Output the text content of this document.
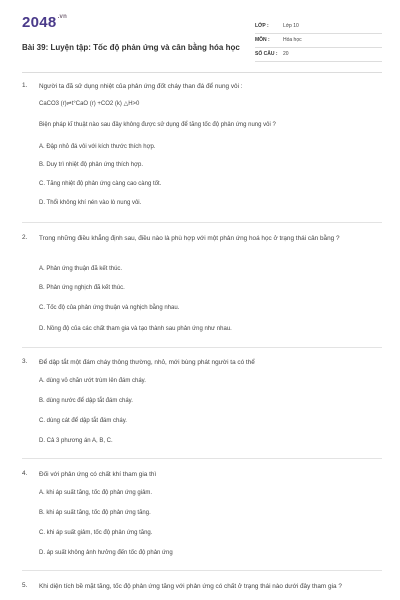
$2048^{.vn}$
Bài 39: Luyện tập: Tốc độ phản ứng và cân bằng hóa học
LỚP :	Lớp 10
MÔN :	Hóa học
SỐ CÂU : 20
1. Người ta đã sử dụng nhiệt của phản ứng đốt cháy than đá để nung vôi :
CaCO3 (r)⇌t°CaO (r) +CO2 (k) △H>0
Biện pháp kĩ thuật nào sau đây không được sử dụng để tăng tốc độ phản ứng nung vôi ?
A. Đập nhỏ đá vôi với kích thước thích hợp.
B. Duy trì nhiệt độ phản ứng thích hợp.
C. Tăng nhiệt độ phản ứng càng cao càng tốt.
D. Thổi không khí nén vào lò nung vôi.
2. Trong những điều khẳng định sau, điều nào là phù hợp với một phản ứng hoá học ở trạng thái cân bằng ?
A. Phản ứng thuận đã kết thúc.
B. Phản ứng nghịch đã kết thúc.
C. Tốc độ của phản ứng thuận và nghịch bằng nhau.
D. Nồng độ của các chất tham gia và tạo thành sau phản ứng như nhau.
3. Để dập tắt một đám cháy thông thường, nhỏ, mới bùng phát người ta có thể
A. dùng vỏ chăn ướt trùm lên đám cháy.
B. dùng nước để dập tắt đám cháy.
C. dùng cát để dập tắt đám cháy.
D. Cả 3 phương án A, B, C.
4. Đối với phản ứng có chất khí tham gia thì
A. khi áp suất tăng, tốc độ phản ứng giảm.
B. khi áp suất tăng, tốc độ phản ứng tăng.
C. khi áp suất giảm, tốc độ phản ứng tăng.
D. áp suất không ảnh hưởng đến tốc độ phản ứng
5. Khi diện tích bề mặt tăng, tốc độ phản ứng tăng với phản ứng có chất ở trạng thái nào dưới đây tham gia ?
